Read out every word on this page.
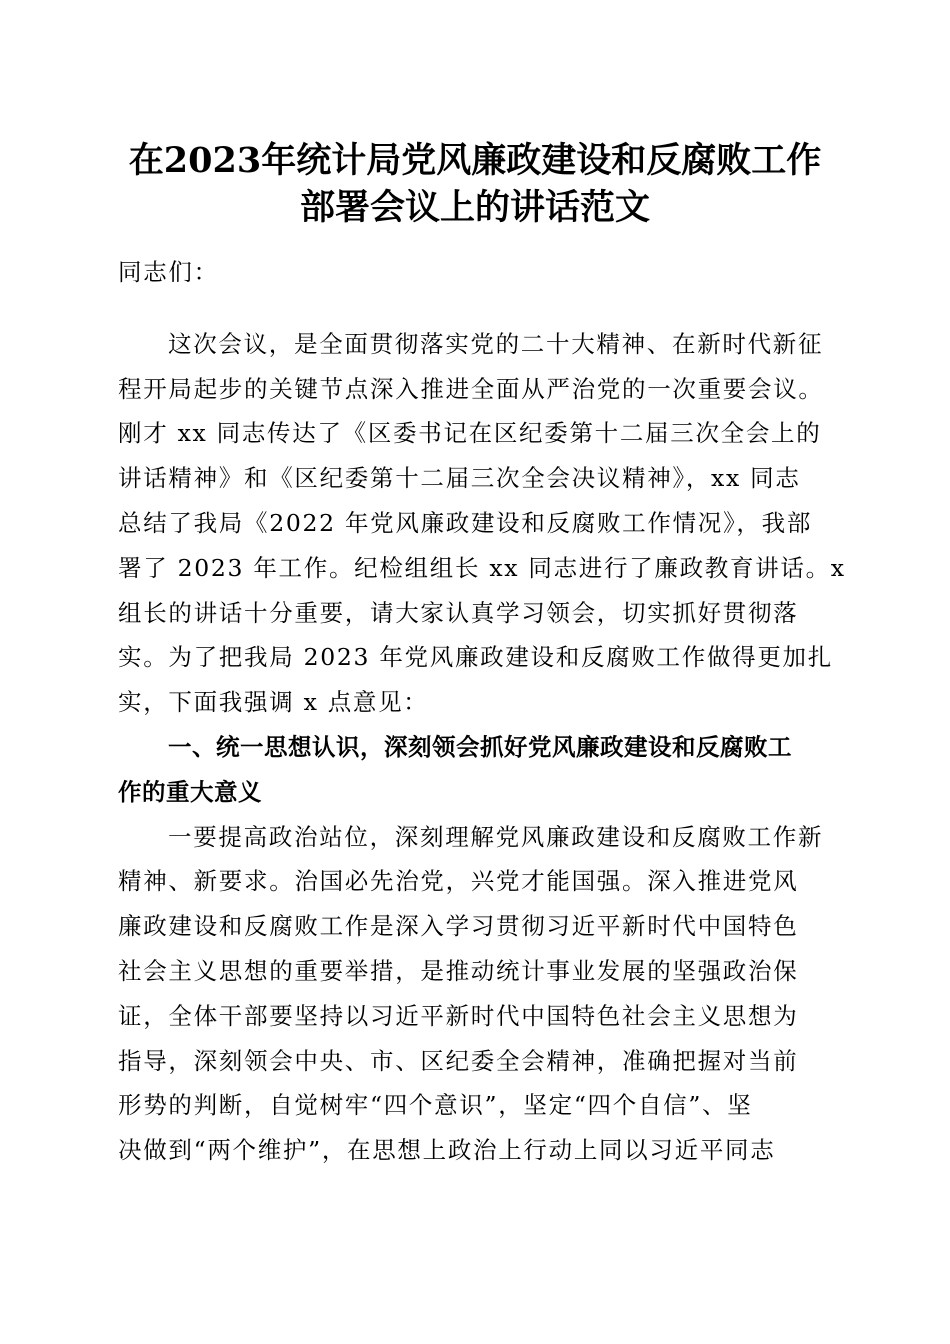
在2023年统计局党风廉政建设和反腐败工作
部署会议上的讲话范文
同志们：
这次会议，是全面贯彻落实党的二十大精神、在新时代新征
程开局起步的关键节点深入推进全面从严治党的一次重要会议。
刚才 xx 同志传达了《区委书记在区纪委第十二届三次全会上的
讲话精神》和《区纪委第十二届三次全会决议精神》，xx 同志
总结了我局《2022 年党风廉政建设和反腐败工作情况》，我部
署了 2023 年工作。纪检组组长 xx 同志进行了廉政教育讲话。x
组长的讲话十分重要，请大家认真学习领会，切实抓好贯彻落
实。为了把我局 2023 年党风廉政建设和反腐败工作做得更加扎
实，下面我强调 x 点意见：
一、统一思想认识，深刻领会抓好党风廉政建设和反腐败工
作的重大意义
一要提高政治站位，深刻理解党风廉政建设和反腐败工作新
精神、新要求。治国必先治党，兴党才能国强。深入推进党风
廉政建设和反腐败工作是深入学习贯彻习近平新时代中国特色
社会主义思想的重要举措，是推动统计事业发展的坚强政治保
证，全体干部要坚持以习近平新时代中国特色社会主义思想为
指导，深刻领会中央、市、区纪委全会精神，准确把握对当前
形势的判断，自觉树牢“四个意识”，坚定“四个自信”、坚
决做到“两个维护”，在思想上政治上行动上同以习近平同志
